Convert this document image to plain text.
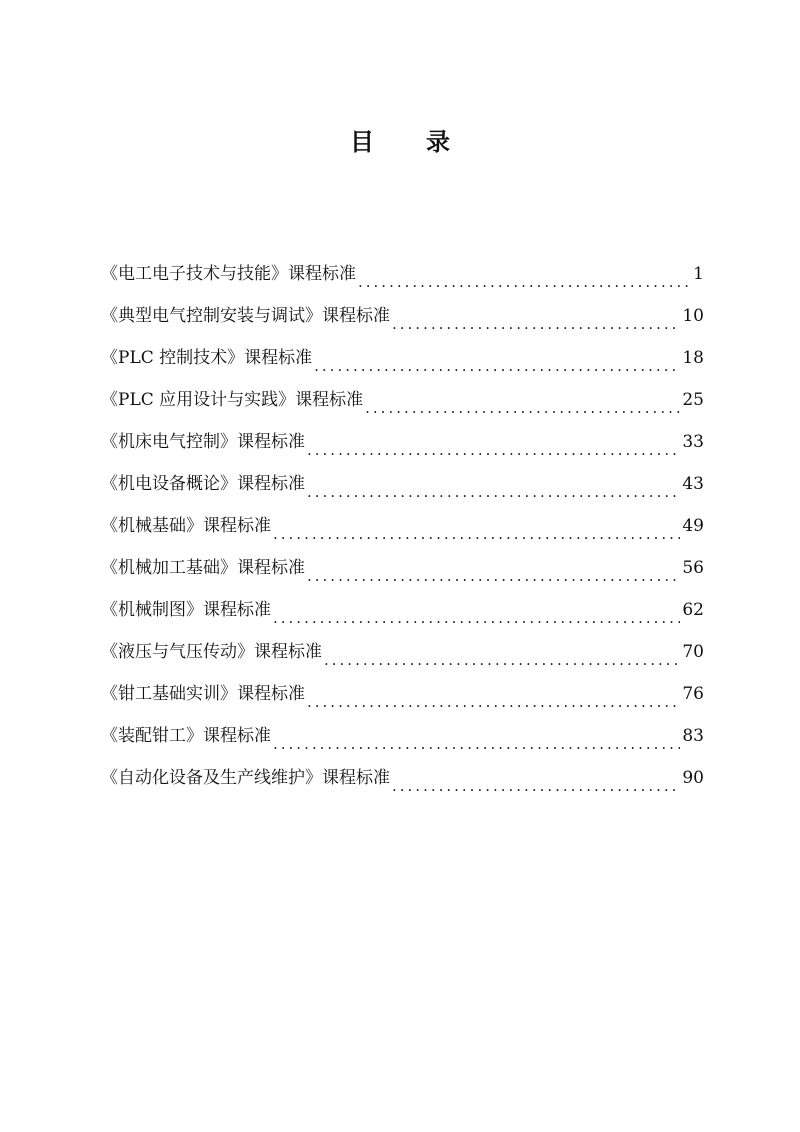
目录
《电工电子技术与技能》课程标准 .....	1
《典型电气控制安装与调试》课程标准 .....	10
《PLC 控制技术》课程标准 .....	18
《PLC 应用设计与实践》课程标准 .....	25
《机床电气控制》课程标准 .....	33
《机电设备概论》课程标准 .....	43
《机械基础》课程标准 .....	49
《机械加工基础》课程标准 .....	56
《机械制图》课程标准 .....	62
《液压与气压传动》课程标准 .....	70
《钳工基础实训》课程标准 .....	76
《装配钳工》课程标准 .....	83
《自动化设备及生产线维护》课程标准 .....	90
